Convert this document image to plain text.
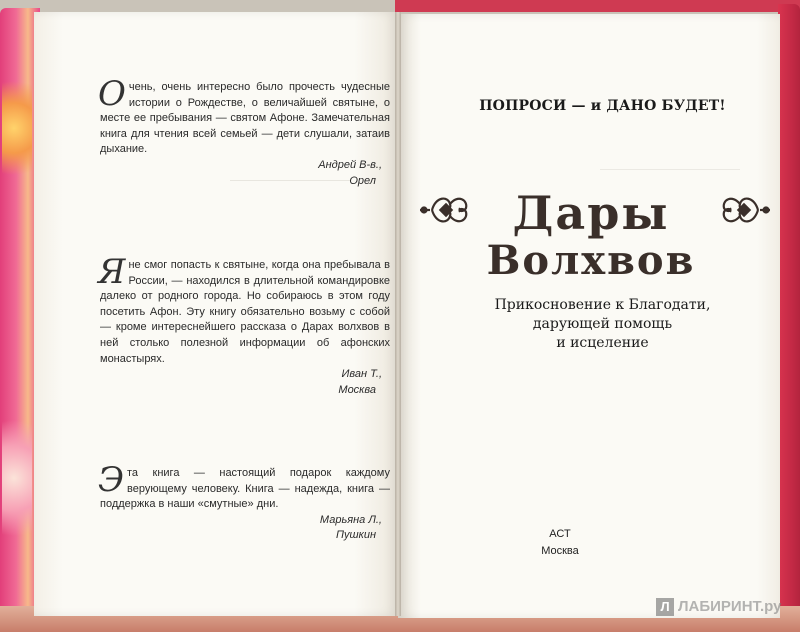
Очень, очень интересно было прочесть чудесные истории о Рождестве, о величайшей святыне, о месте ее пребывания — святом Афоне. Замечательная книга для чтения всей семьей — дети слушали, затаив дыхание.
Андрей В-в.,
Орел
Яне смог попасть к святыне, когда она пребывала в России, — находился в длительной командировке далеко от родного города. Но собираюсь в этом году посетить Афон. Эту книгу обязательно возьму с собой — кроме интереснейшего рассказа о Дарах волхвов в ней столько полезной информации об афонских монастырях.
Иван Т.,
Москва
Эта книга — настоящий подарок каждому верующему человеку. Книга — надежда, книга — поддержка в наши «смутные» дни.
Марьяна Л.,
Пушкин
ПОПРОСИ — и ДАНО БУДЕТ!
Дары
Волхвов
Прикосновение к Благодати,
дарующей помощь
и исцеление
АСТ
Москва
Л ЛАБИРИНТ.ру
